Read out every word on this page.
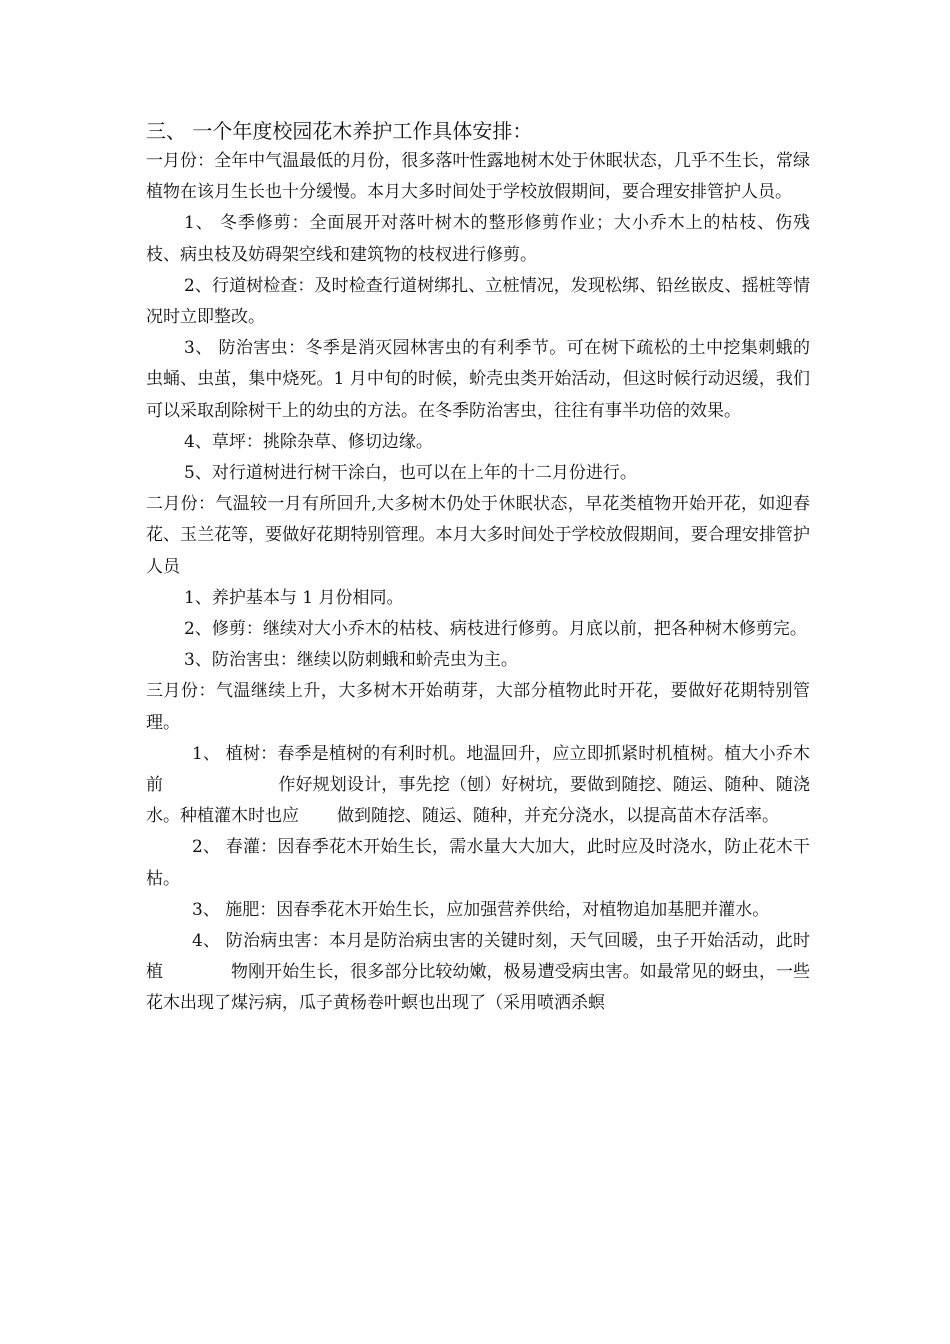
三、 一个年度校园花木养护工作具体安排：

一月份：全年中气温最低的月份，很多落叶性露地树木处于休眠状态，几乎不生长，常绿植物在该月生长也十分缓慢。本月大多时间处于学校放假期间，要合理安排管护人员。

1、 冬季修剪：全面展开对落叶树木的整形修剪作业；大小乔木上的枯枝、伤残枝、病虫枝及妨碍架空线和建筑物的枝杈进行修剪。

2、行道树检查：及时检查行道树绑扎、立桩情况，发现松绑、铅丝嵌皮、摇桩等情况时立即整改。

3、 防治害虫：冬季是消灭园林害虫的有利季节。可在树下疏松的土中挖集刺蛾的虫蛹、虫茧，集中烧死。1 月中旬的时候，蚧壳虫类开始活动，但这时候行动迟缓，我们可以采取刮除树干上的幼虫的方法。在冬季防治害虫，往往有事半功倍的效果。

4、草坪：挑除杂草、修切边缘。

5、对行道树进行树干涂白，也可以在上年的十二月份进行。

二月份：气温较一月有所回升,大多树木仍处于休眠状态，早花类植物开始开花，如迎春花、玉兰花等，要做好花期特别管理。本月大多时间处于学校放假期间，要合理安排管护人员

1、养护基本与 1 月份相同。

2、修剪：继续对大小乔木的枯枝、病枝进行修剪。月底以前，把各种树木修剪完。

3、防治害虫：继续以防刺蛾和蚧壳虫为主。

三月份：气温继续上升，大多树木开始萌芽，大部分植物此时开花，要做好花期特别管理。

1、 植树：春季是植树的有利时机。地温回升，应立即抓紧时机植树。植大小乔木前	作好规划设计，事先挖（刨）好树坑，要做到随挖、随运、随种、随浇水。种植灌木时也应 做到随挖、随运、随种，并充分浇水，以提高苗木存活率。

2、 春灌：因春季花木开始生长，需水量大大加大，此时应及时浇水，防止花木干枯。

3、 施肥：因春季花木开始生长，应加强营养供给，对植物追加基肥并灌水。

4、 防治病虫害：本月是防治病虫害的关键时刻，天气回暖，虫子开始活动，此时植	物刚开始生长，很多部分比较幼嫩，极易遭受病虫害。如最常见的蚜虫，一些花木出现了煤污病，瓜子黄杨卷叶螟也出现了（采用喷洒杀螟
